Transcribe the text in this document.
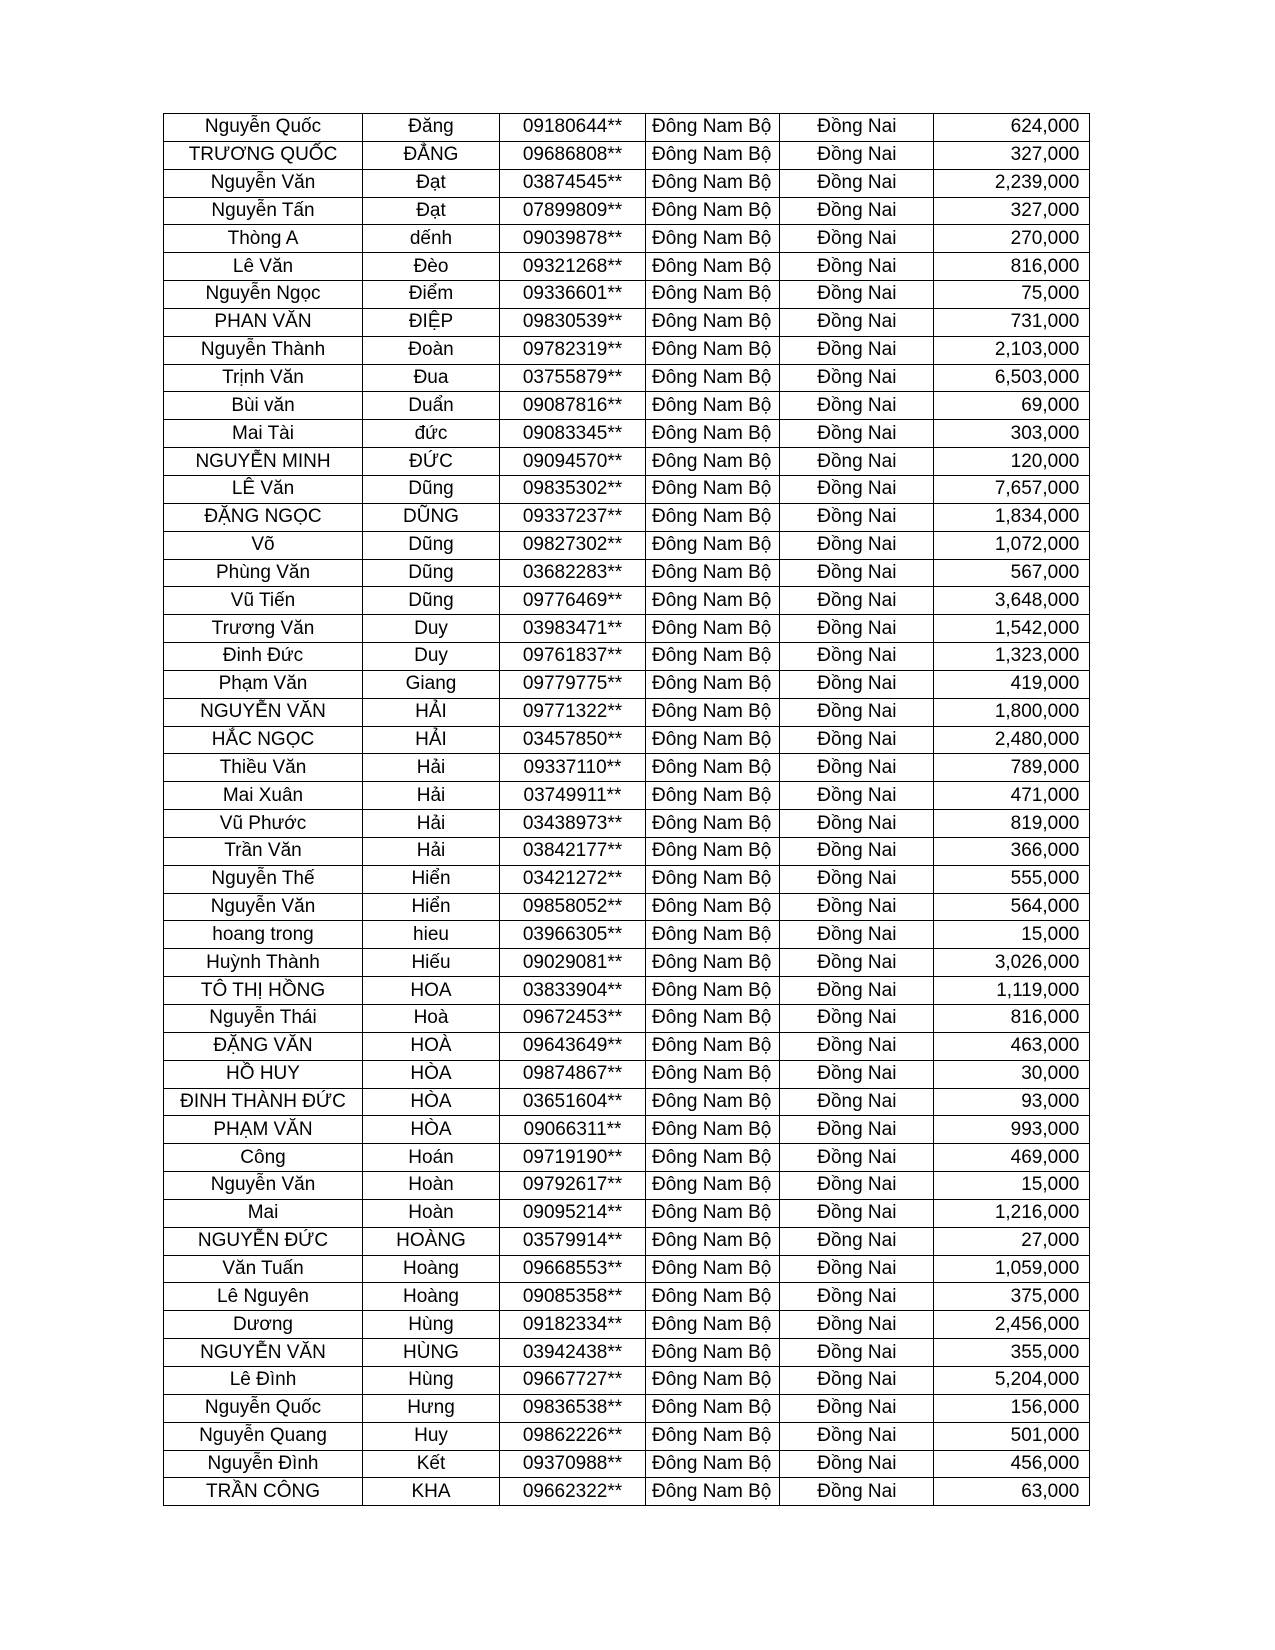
Nguyễn Quốc	Đăng	09180644**	Đông Nam Bộ	Đồng Nai	624,000
TRƯƠNG QUỐC	ĐẲNG	09686808**	Đông Nam Bộ	Đồng Nai	327,000
Nguyễn Văn	Đạt	03874545**	Đông Nam Bộ	Đồng Nai	2,239,000
Nguyễn Tấn	Đạt	07899809**	Đông Nam Bộ	Đồng Nai	327,000
Thòng A	dếnh	09039878**	Đông Nam Bộ	Đồng Nai	270,000
Lê Văn	Đèo	09321268**	Đông Nam Bộ	Đồng Nai	816,000
Nguyễn Ngọc	Điểm	09336601**	Đông Nam Bộ	Đồng Nai	75,000
PHAN VĂN	ĐIỆP	09830539**	Đông Nam Bộ	Đồng Nai	731,000
Nguyễn Thành	Đoàn	09782319**	Đông Nam Bộ	Đồng Nai	2,103,000
Trịnh Văn	Đua	03755879**	Đông Nam Bộ	Đồng Nai	6,503,000
Bùi văn	Duẩn	09087816**	Đông Nam Bộ	Đồng Nai	69,000
Mai Tài	đức	09083345**	Đông Nam Bộ	Đồng Nai	303,000
NGUYỄN MINH	ĐỨC	09094570**	Đông Nam Bộ	Đồng Nai	120,000
LÊ Văn	Dũng	09835302**	Đông Nam Bộ	Đồng Nai	7,657,000
ĐẶNG NGỌC	DŨNG	09337237**	Đông Nam Bộ	Đồng Nai	1,834,000
Võ	Dũng	09827302**	Đông Nam Bộ	Đồng Nai	1,072,000
Phùng Văn	Dũng	03682283**	Đông Nam Bộ	Đồng Nai	567,000
Vũ Tiến	Dũng	09776469**	Đông Nam Bộ	Đồng Nai	3,648,000
Trương Văn	Duy	03983471**	Đông Nam Bộ	Đồng Nai	1,542,000
Đinh Đức	Duy	09761837**	Đông Nam Bộ	Đồng Nai	1,323,000
Phạm Văn	Giang	09779775**	Đông Nam Bộ	Đồng Nai	419,000
NGUYỄN VĂN	HẢI	09771322**	Đông Nam Bộ	Đồng Nai	1,800,000
HẮC NGỌC	HẢI	03457850**	Đông Nam Bộ	Đồng Nai	2,480,000
Thiều Văn	Hải	09337110**	Đông Nam Bộ	Đồng Nai	789,000
Mai Xuân	Hải	03749911**	Đông Nam Bộ	Đồng Nai	471,000
Vũ Phước	Hải	03438973**	Đông Nam Bộ	Đồng Nai	819,000
Trần Văn	Hải	03842177**	Đông Nam Bộ	Đồng Nai	366,000
Nguyễn Thế	Hiển	03421272**	Đông Nam Bộ	Đồng Nai	555,000
Nguyễn Văn	Hiển	09858052**	Đông Nam Bộ	Đồng Nai	564,000
hoang trong	hieu	03966305**	Đông Nam Bộ	Đồng Nai	15,000
Huỳnh Thành	Hiếu	09029081**	Đông Nam Bộ	Đồng Nai	3,026,000
TÔ THỊ HỒNG	HOA	03833904**	Đông Nam Bộ	Đồng Nai	1,119,000
Nguyễn Thái	Hoà	09672453**	Đông Nam Bộ	Đồng Nai	816,000
ĐẶNG VĂN	HOÀ	09643649**	Đông Nam Bộ	Đồng Nai	463,000
HỒ HUY	HÒA	09874867**	Đông Nam Bộ	Đồng Nai	30,000
ĐINH THÀNH ĐỨC	HÒA	03651604**	Đông Nam Bộ	Đồng Nai	93,000
PHẠM VĂN	HÒA	09066311**	Đông Nam Bộ	Đồng Nai	993,000
Công	Hoán	09719190**	Đông Nam Bộ	Đồng Nai	469,000
Nguyễn Văn	Hoàn	09792617**	Đông Nam Bộ	Đồng Nai	15,000
Mai	Hoàn	09095214**	Đông Nam Bộ	Đồng Nai	1,216,000
NGUYỄN ĐỨC	HOÀNG	03579914**	Đông Nam Bộ	Đồng Nai	27,000
Văn Tuấn	Hoàng	09668553**	Đông Nam Bộ	Đồng Nai	1,059,000
Lê Nguyên	Hoàng	09085358**	Đông Nam Bộ	Đồng Nai	375,000
Dương	Hùng	09182334**	Đông Nam Bộ	Đồng Nai	2,456,000
NGUYỄN VĂN	HÙNG	03942438**	Đông Nam Bộ	Đồng Nai	355,000
Lê Đình	Hùng	09667727**	Đông Nam Bộ	Đồng Nai	5,204,000
Nguyễn Quốc	Hưng	09836538**	Đông Nam Bộ	Đồng Nai	156,000
Nguyễn Quang	Huy	09862226**	Đông Nam Bộ	Đồng Nai	501,000
Nguyễn Đình	Kết	09370988**	Đông Nam Bộ	Đồng Nai	456,000
TRẦN CÔNG	KHA	09662322**	Đông Nam Bộ	Đồng Nai	63,000
